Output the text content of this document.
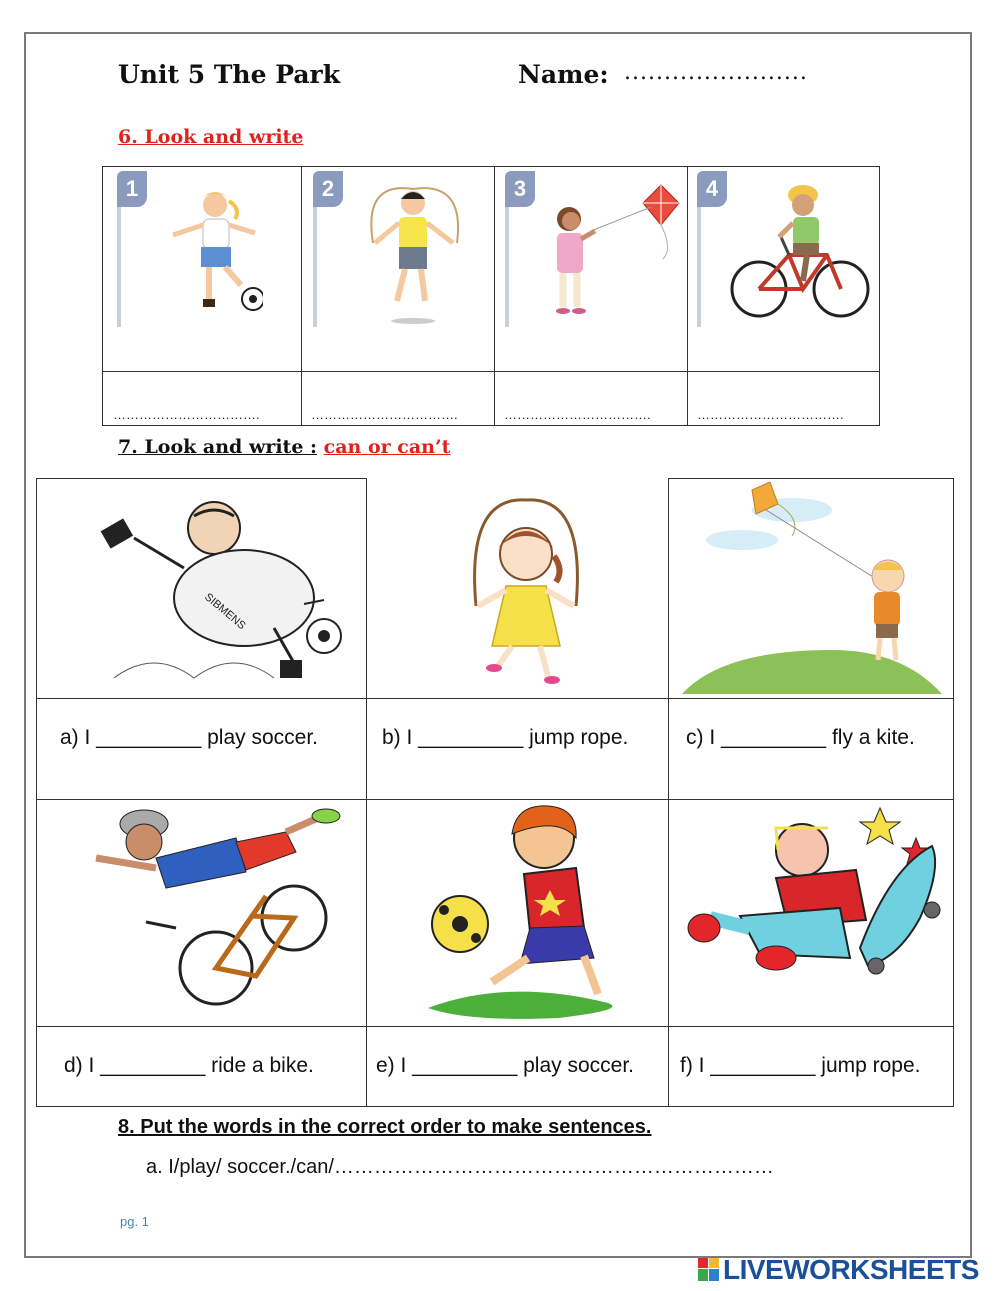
Unit 5 The Park	Name: .......................
6. Look and write
1	2	3	4
…………………………….	…………………………….	…………………………….	…………………………….
7. Look and write : can or can’t
SIBMENS
a) I _________ play soccer.	b) I _________ jump rope.	c) I _________ fly a kite.
d) I _________ ride a bike.	e) I _________ play soccer. f) I _________ jump rope.
8. Put the words in the correct order to make sentences.
a. I/play/ soccer./can/…………………………………………………………
pg. 1
LIVEWORKSHEETS
